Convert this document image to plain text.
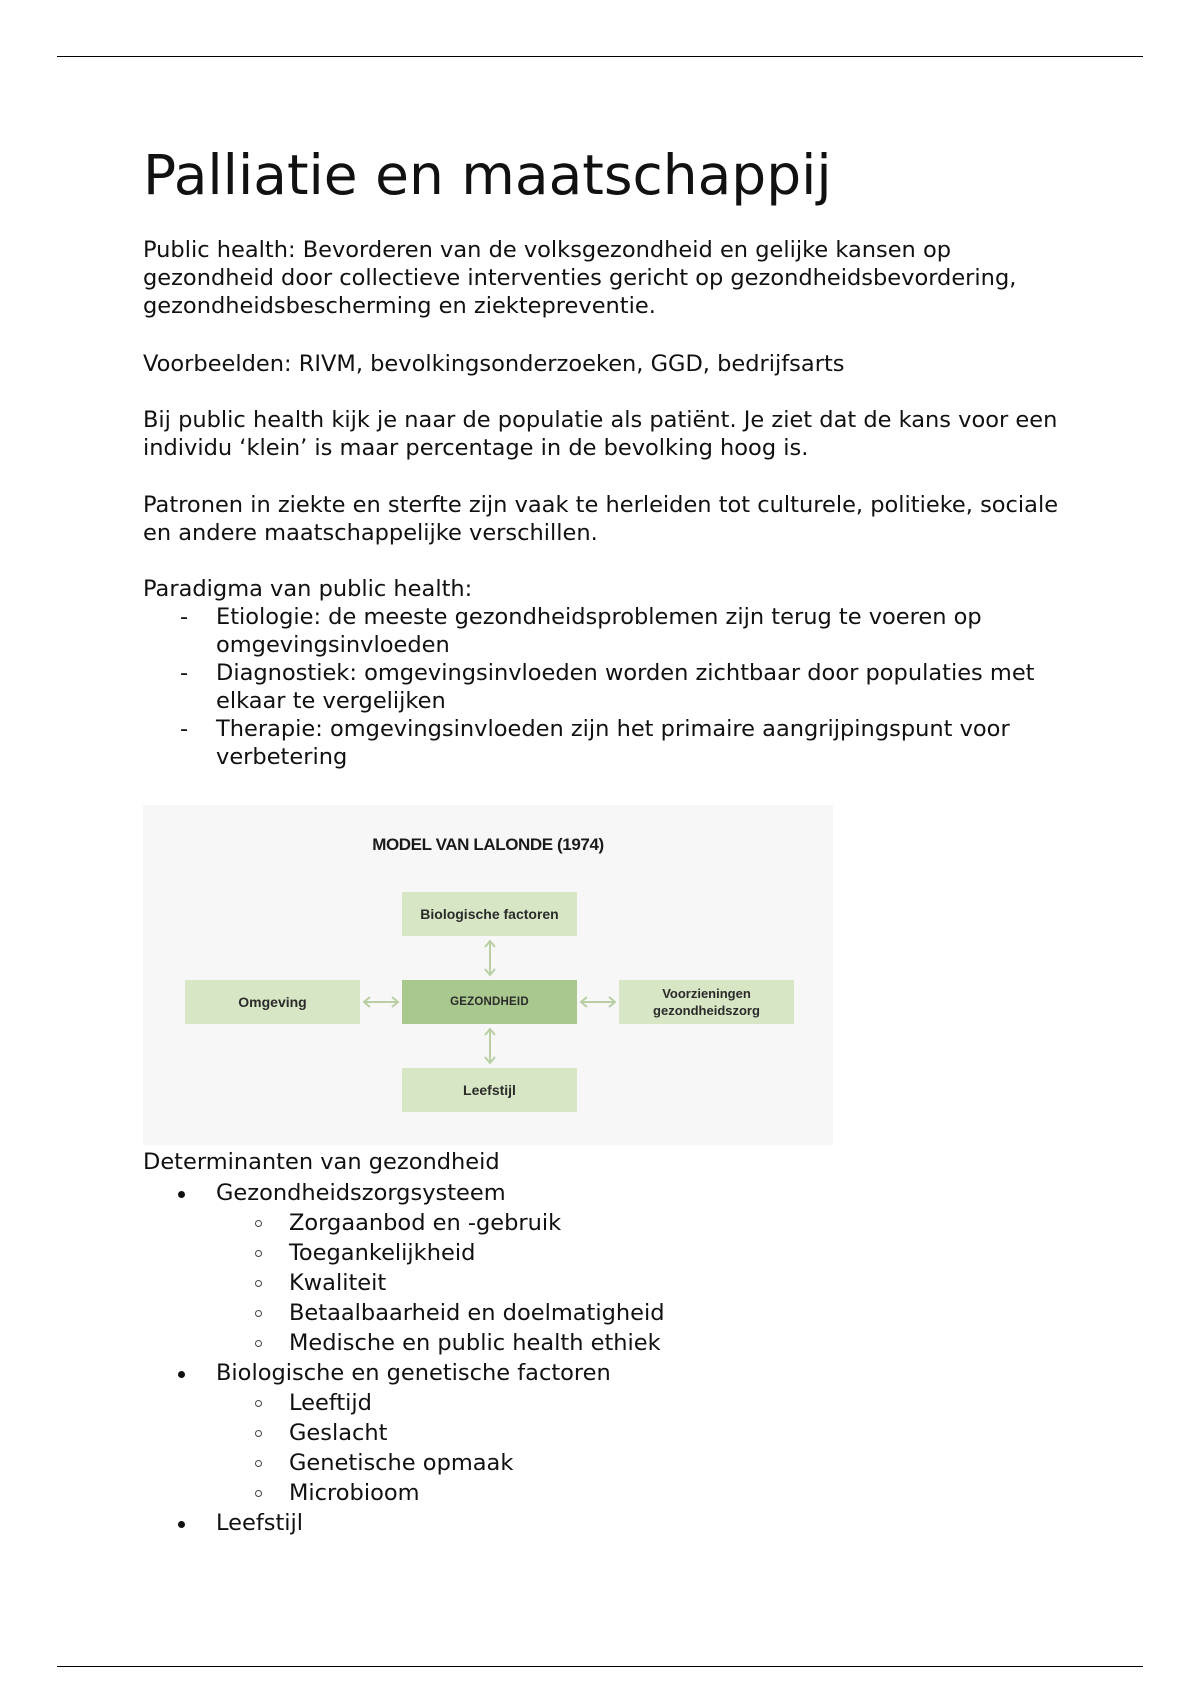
Palliatie en maatschappij

Public health: Bevorderen van de volksgezondheid en gelijke kansen op gezondheid door collectieve interventies gericht op gezondheidsbevordering, gezondheidsbescherming en ziektepreventie.

Voorbeelden: RIVM, bevolkingsonderzoeken, GGD, bedrijfsarts

Bij public health kijk je naar de populatie als patiënt. Je ziet dat de kans voor een individu ‘klein’ is maar percentage in de bevolking hoog is.

Patronen in ziekte en sterfte zijn vaak te herleiden tot culturele, politieke, sociale en andere maatschappelijke verschillen.

Paradigma van public health:

- Etiologie: de meeste gezondheidsproblemen zijn terug te voeren op omgevingsinvloeden
- Diagnostiek: omgevingsinvloeden worden zichtbaar door populaties met elkaar te vergelijken
- Therapie: omgevingsinvloeden zijn het primaire aangrijpingspunt voor verbetering
Determinanten van gezondheid
Gezondheidszorgsysteem
Zorgaanbod en -gebruik
Toegankelijkheid
Kwaliteit
Betaalbaarheid en doelmatigheid
Medische en public health ethiek
Biologische en genetische factoren
Leeftijd
Geslacht
Genetische opmaak
Microbioom
Leefstijl
MODEL VAN LALONDE (1974)
Biologische factoren
Omgeving	GEZONDHEID
Voorzieningen gezondheidszorg
Leefstijl
